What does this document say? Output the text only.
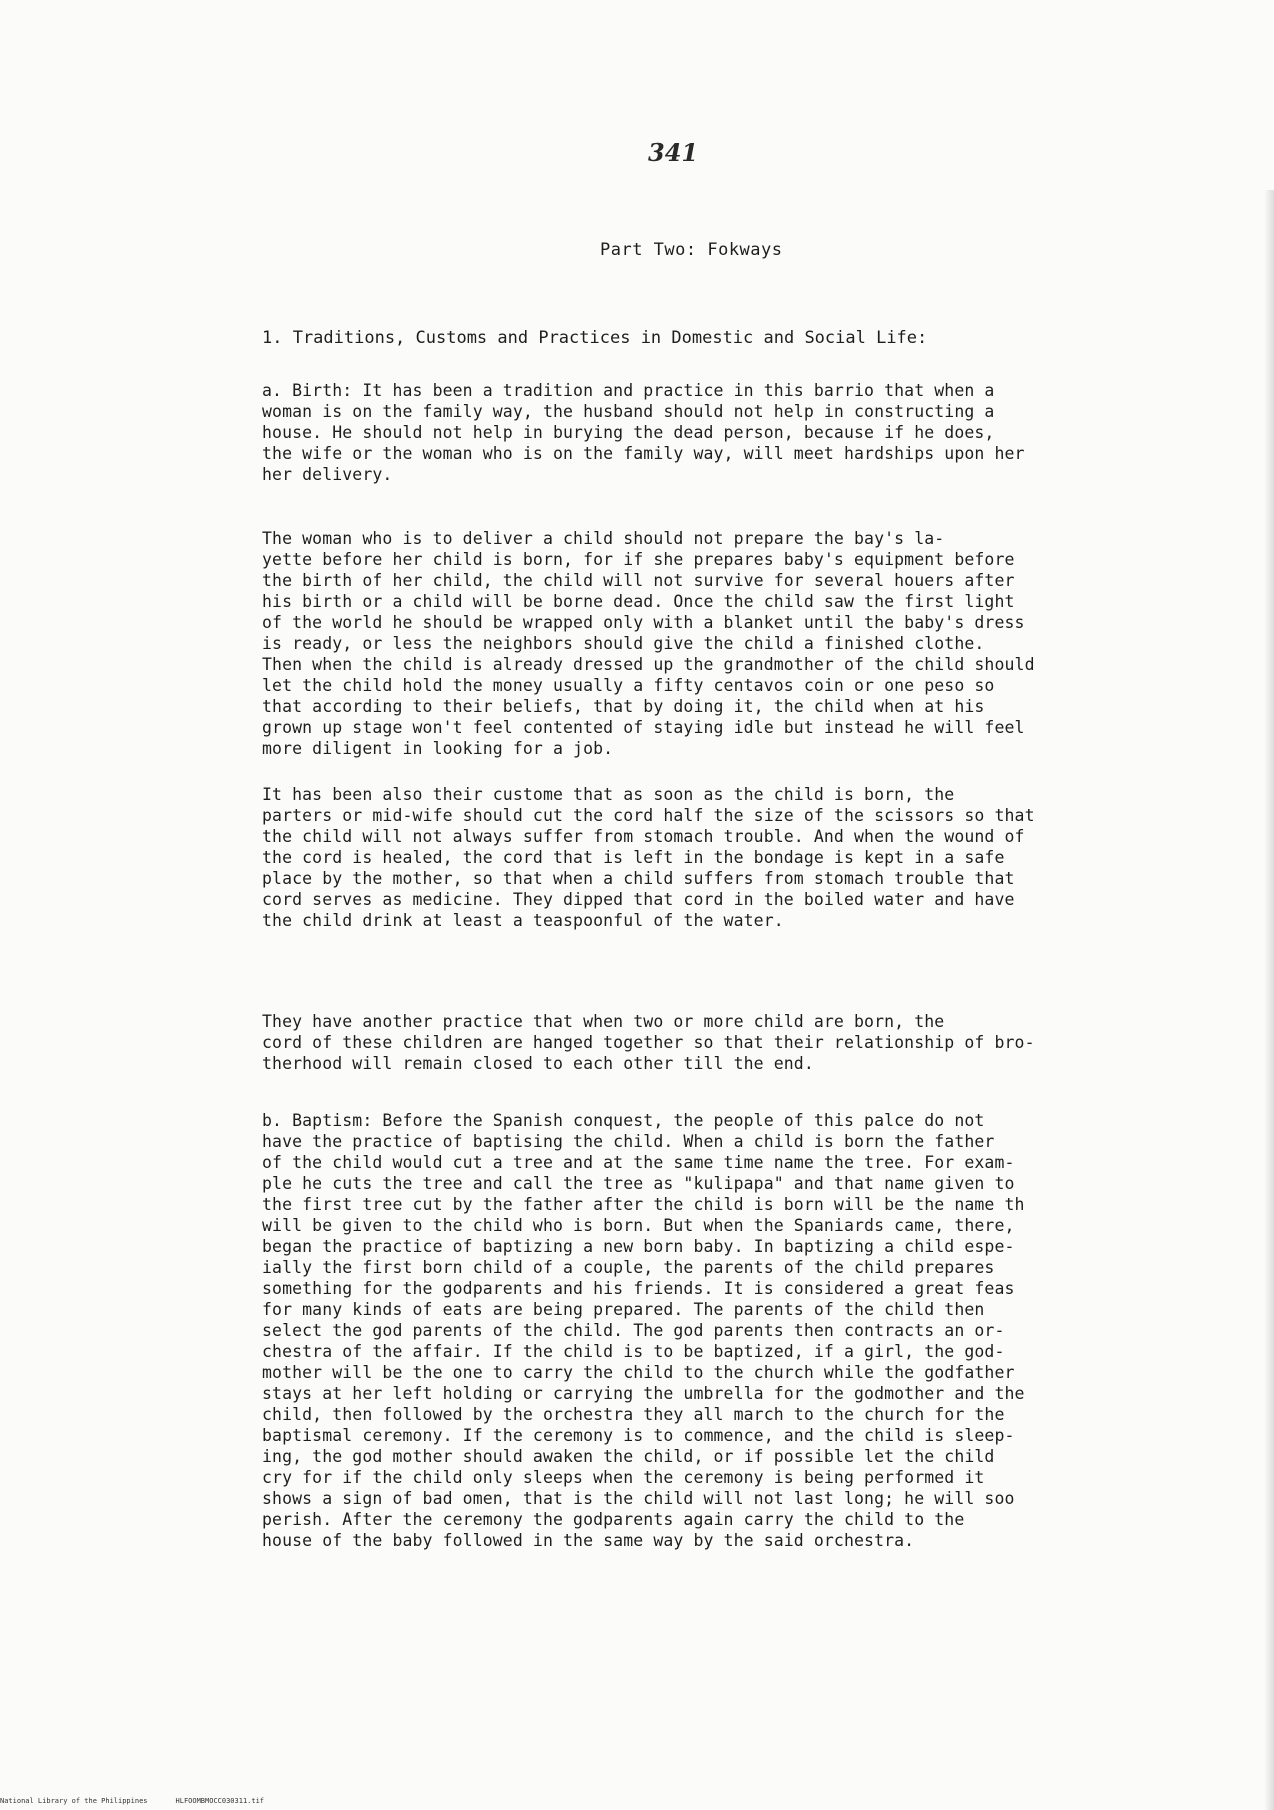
341
Part Two: Fokways
1. Traditions, Customs and Practices in Domestic and Social Life:

a. Birth: It has been a tradition and practice in this barrio that when a
woman is on the family way, the husband should not help in constructing a
house. He should not help in burying the dead person, because if he does,
the wife or the woman who is on the family way, will meet hardships upon her
her delivery.

The woman who is to deliver a child should not prepare the bay's la-
yette before her child is born, for if she prepares baby's equipment before
the birth of her child, the child will not survive for several houers after
his birth or a child will be borne dead. Once the child saw the first light
of the world he should be wrapped only with a blanket until the baby's dress
is ready, or less the neighbors should give the child a finished clothe.
Then when the child is already dressed up the grandmother of the child should
let the child hold the money usually a fifty centavos coin or one peso so
that according to their beliefs, that by doing it, the child when at his
grown up stage won't feel contented of staying idle but instead he will feel
more diligent in looking for a job.

It has been also their custome that as soon as the child is born, the
parters or mid-wife should cut the cord half the size of the scissors so that
the child will not always suffer from stomach trouble. And when the wound of
the cord is healed, the cord that is left in the bondage is kept in a safe
place by the mother, so that when a child suffers from stomach trouble that
cord serves as medicine. They dipped that cord in the boiled water and have
the child drink at least a teaspoonful of the water.

They have another practice that when two or more child are born, the
cord of these children are hanged together so that their relationship of bro-
therhood will remain closed to each other till the end.

b. Baptism: Before the Spanish conquest, the people of this palce do not
have the practice of baptising the child. When a child is born the father
of the child would cut a tree and at the same time name the tree. For exam-
ple he cuts the tree and call the tree as "kulipapa" and that name given to
the first tree cut by the father after the child is born will be the name th
will be given to the child who is born. But when the Spaniards came, there,
began the practice of baptizing a new born baby. In baptizing a child espe-
ially the first born child of a couple, the parents of the child prepares
something for the godparents and his friends. It is considered a great feas
for many kinds of eats are being prepared. The parents of the child then
select the god parents of the child. The god parents then contracts an or-
chestra of the affair. If the child is to be baptized, if a girl, the god-
mother will be the one to carry the child to the church while the godfather
stays at her left holding or carrying the umbrella for the godmother and the
child, then followed by the orchestra they all march to the church for the
baptismal ceremony. If the ceremony is to commence, and the child is sleep-
ing, the god mother should awaken the child, or if possible let the child
cry for if the child only sleeps when the ceremony is being performed it
shows a sign of bad omen, that is the child will not last long; he will soo
perish. After the ceremony the godparents again carry the child to the
house of the baby followed in the same way by the said orchestra.

National Library of the Philippines	HLFOOMBMOCC030311.tif
